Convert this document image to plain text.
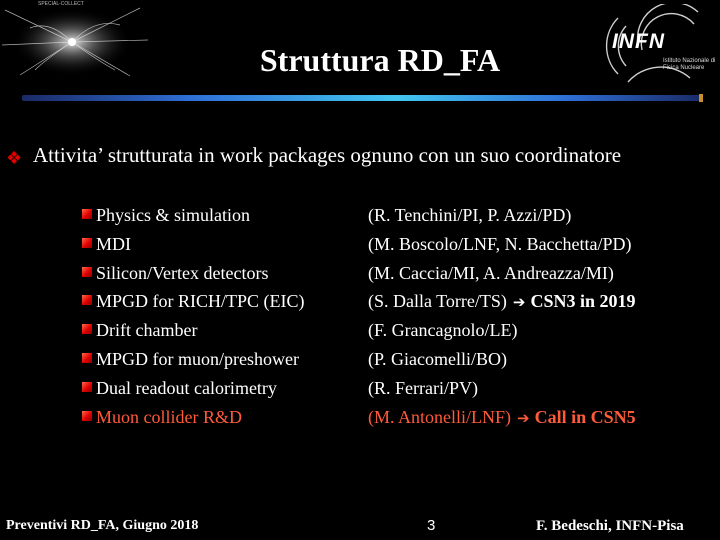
SPECIAL-COLLECT
Struttura RD_FA
INFN
Istituto Nazionale di Fisica Nucleare
❖ Attivita’ strutturata in work packages ognuno con un suo coordinatore
Physics & simulation	(R. Tenchini/PI, P. Azzi/PD)
MDI	(M. Boscolo/LNF, N. Bacchetta/PD)
Silicon/Vertex detectors	(M. Caccia/MI, A. Andreazza/MI)
MPGD for RICH/TPC (EIC)	(S. Dalla Torre/TS) ➔ CSN3 in 2019
Drift chamber	(F. Grancagnolo/LE)
MPGD for muon/preshower	(P. Giacomelli/BO)
Dual readout calorimetry	(R. Ferrari/PV)
Muon collider R&D	(M. Antonelli/LNF) ➔ Call in CSN5
Preventivi RD_FA, Giugno 2018	3	F. Bedeschi, INFN-Pisa
